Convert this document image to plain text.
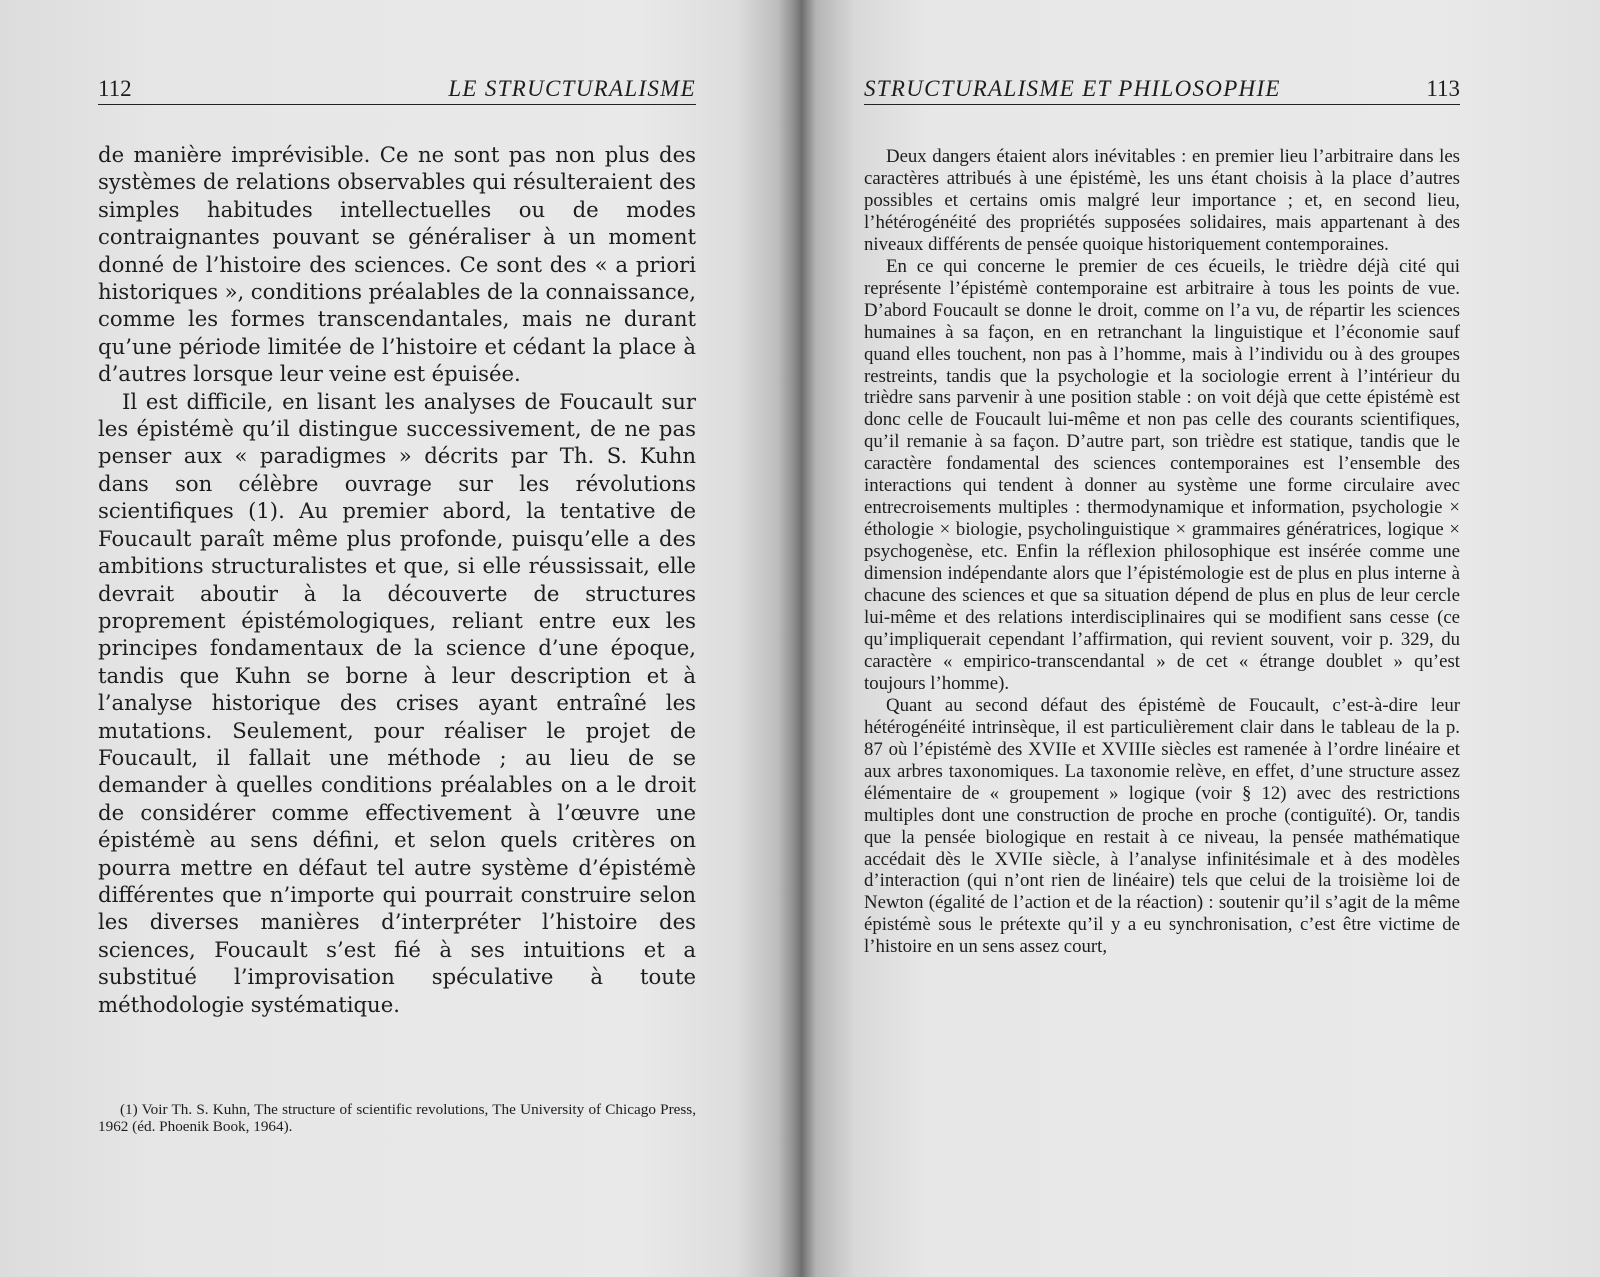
112	LE STRUCTURALISME

de manière imprévisible. Ce ne sont pas non plus des systèmes de relations observables qui résulteraient des simples habitudes intellectuelles ou de modes contraignantes pouvant se généraliser à un moment donné de l’histoire des sciences. Ce sont des « a priori historiques », conditions préalables de la connaissance, comme les formes transcendantales, mais ne durant qu’une période limitée de l’histoire et cédant la place à d’autres lorsque leur veine est épuisée.

Il est difficile, en lisant les analyses de Foucault sur les épistémè qu’il distingue successivement, de ne pas penser aux « paradigmes » décrits par Th. S. Kuhn dans son célèbre ouvrage sur les révolutions scientifiques (1). Au premier abord, la tentative de Foucault paraît même plus profonde, puisqu’elle a des ambitions structuralistes et que, si elle réussissait, elle devrait aboutir à la découverte de structures proprement épistémologiques, reliant entre eux les principes fondamentaux de la science d’une époque, tandis que Kuhn se borne à leur description et à l’analyse historique des crises ayant entraîné les mutations. Seulement, pour réaliser le projet de Foucault, il fallait une méthode ; au lieu de se demander à quelles conditions préalables on a le droit de considérer comme effectivement à l’œuvre une épistémè au sens défini, et selon quels critères on pourra mettre en défaut tel autre système d’épistémè différentes que n’importe qui pourrait construire selon les diverses manières d’interpréter l’histoire des sciences, Foucault s’est fié à ses intuitions et a substitué l’improvisation spéculative à toute méthodologie systématique.

(1) Voir Th. S. Kuhn, The structure of scientific revolutions, The University of Chicago Press, 1962 (éd. Phoenik Book, 1964).
STRUCTURALISME ET PHILOSOPHIE	113

Deux dangers étaient alors inévitables : en premier lieu l’arbitraire dans les caractères attribués à une épistémè, les uns étant choisis à la place d’autres possibles et certains omis malgré leur importance ; et, en second lieu, l’hétérogénéité des propriétés supposées solidaires, mais appartenant à des niveaux différents de pensée quoique historiquement contemporaines.

En ce qui concerne le premier de ces écueils, le trièdre déjà cité qui représente l’épistémè contemporaine est arbitraire à tous les points de vue. D’abord Foucault se donne le droit, comme on l’a vu, de répartir les sciences humaines à sa façon, en en retranchant la linguistique et l’économie sauf quand elles touchent, non pas à l’homme, mais à l’individu ou à des groupes restreints, tandis que la psychologie et la sociologie errent à l’intérieur du trièdre sans parvenir à une position stable : on voit déjà que cette épistémè est donc celle de Foucault lui-même et non pas celle des courants scientifiques, qu’il remanie à sa façon. D’autre part, son trièdre est statique, tandis que le caractère fondamental des sciences contemporaines est l’ensemble des interactions qui tendent à donner au système une forme circulaire avec entrecroisements multiples : thermodynamique et information, psychologie × éthologie × biologie, psycholinguistique × grammaires génératrices, logique × psychogenèse, etc. Enfin la réflexion philosophique est insérée comme une dimension indépendante alors que l’épistémologie est de plus en plus interne à chacune des sciences et que sa situation dépend de plus en plus de leur cercle lui-même et des relations interdisciplinaires qui se modifient sans cesse (ce qu’impliquerait cependant l’affirmation, qui revient souvent, voir p. 329, du caractère « empirico-transcendantal » de cet « étrange doublet » qu’est toujours l’homme).

Quant au second défaut des épistémè de Foucault, c’est-à-dire leur hétérogénéité intrinsèque, il est particulièrement clair dans le tableau de la p. 87 où l’épistémè des XVIIe et XVIIIe siècles est ramenée à l’ordre linéaire et aux arbres taxonomiques. La taxonomie relève, en effet, d’une structure assez élémentaire de « groupement » logique (voir § 12) avec des restrictions multiples dont une construction de proche en proche (contiguïté). Or, tandis que la pensée biologique en restait à ce niveau, la pensée mathématique accédait dès le XVIIe siècle, à l’analyse infinitésimale et à des modèles d’interaction (qui n’ont rien de linéaire) tels que celui de la troisième loi de Newton (égalité de l’action et de la réaction) : soutenir qu’il s’agit de la même épistémè sous le prétexte qu’il y a eu synchronisation, c’est être victime de l’histoire en un sens assez court,
